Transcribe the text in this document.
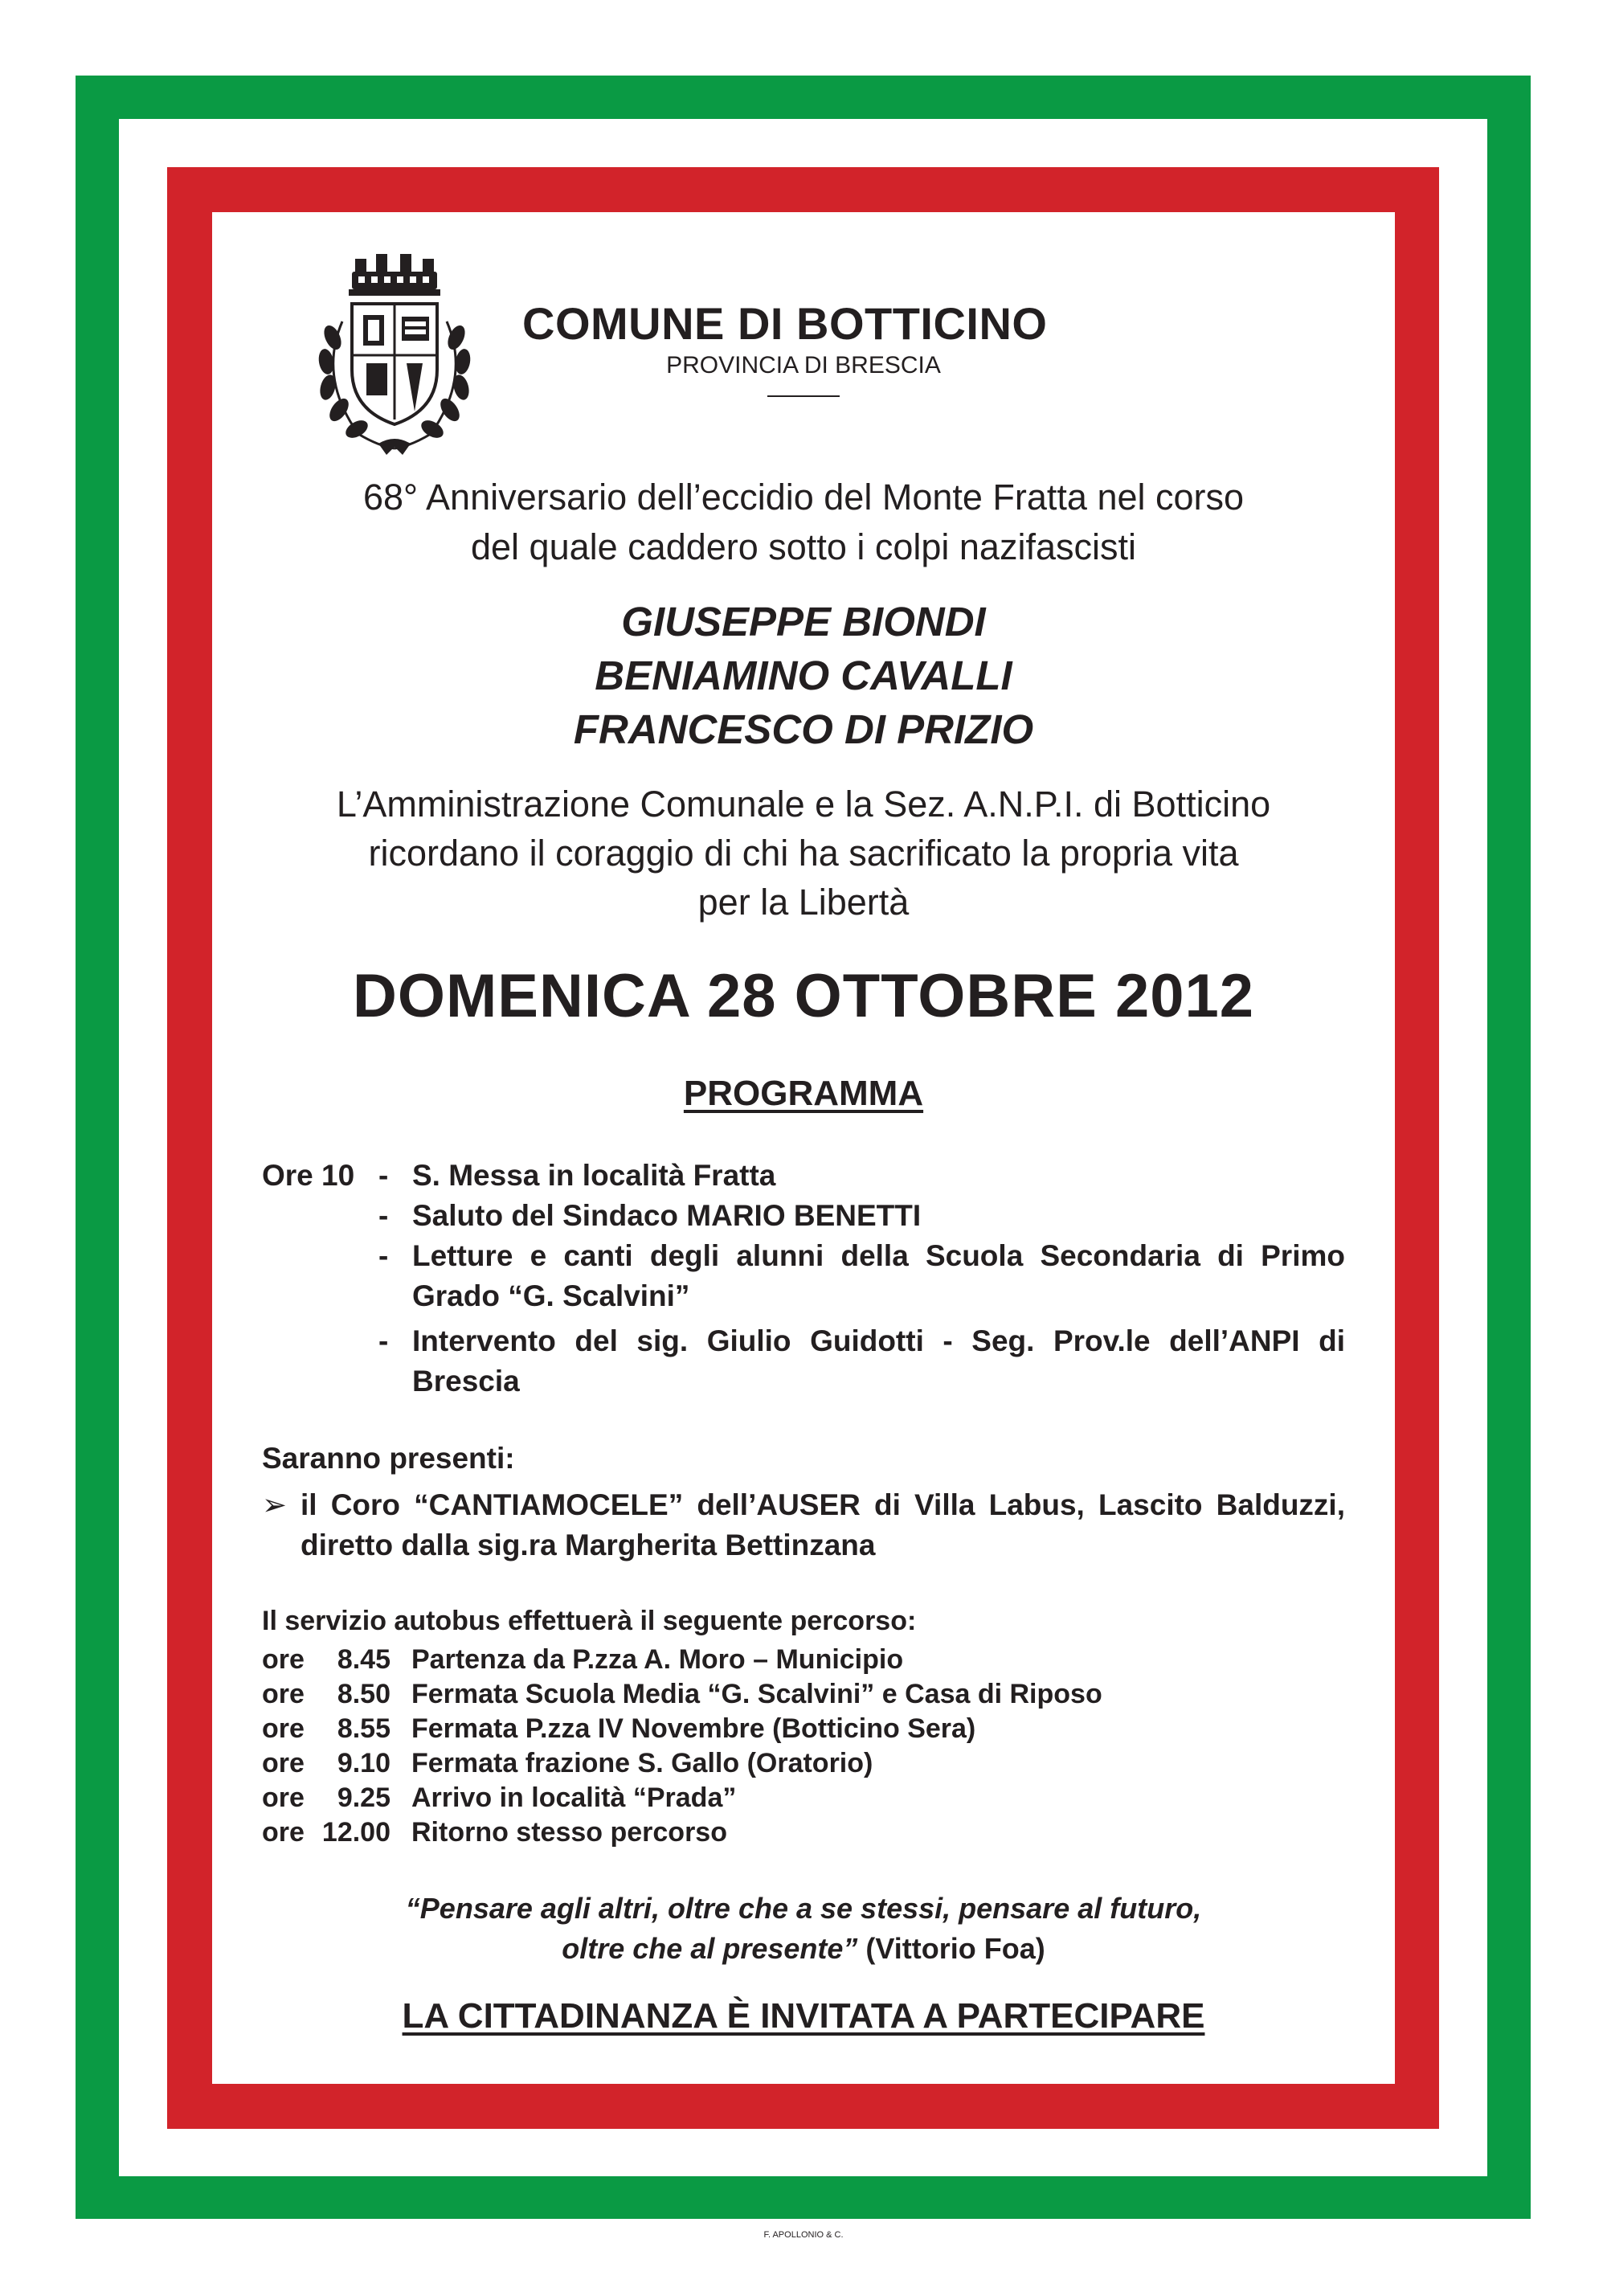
COMUNE DI BOTTICINO
PROVINCIA DI BRESCIA
68° Anniversario dell’eccidio del Monte Fratta nel corso
del quale caddero sotto i colpi nazifascisti
GIUSEPPE BIONDI
BENIAMINO CAVALLI
FRANCESCO DI PRIZIO
L’Amministrazione Comunale e la Sez. A.N.P.I. di Botticino
ricordano il coraggio di chi ha sacrificato la propria vita
per la Libertà
DOMENICA 28 OTTOBRE 2012
PROGRAMMA
Ore 10 - S. Messa in località Fratta
- Saluto del Sindaco MARIO BENETTI
- Letture e canti degli alunni della Scuola Secondaria di Primo Grado “G. Scalvini”
- Intervento del sig. Giulio Guidotti - Seg. Prov.le dell’ANPI di Brescia
Saranno presenti:
➢ il Coro “CANTIAMOCELE” dell’AUSER di Villa Labus, Lascito Balduzzi, diretto dalla sig.ra Margherita Bettinzana
Il servizio autobus effettuerà il seguente percorso:
ore	8.45 Partenza da P.zza A. Moro – Municipio
ore	8.50 Fermata Scuola Media “G. Scalvini” e Casa di Riposo
ore	8.55 Fermata P.zza IV Novembre (Botticino Sera)
ore	9.10 Fermata frazione S. Gallo (Oratorio)
ore	9.25 Arrivo in località “Prada”
ore 12.00 Ritorno stesso percorso
“Pensare agli altri, oltre che a se stessi, pensare al futuro,
oltre che al presente” (Vittorio Foa)
LA CITTADINANZA È INVITATA A PARTECIPARE
F. APOLLONIO & C.
